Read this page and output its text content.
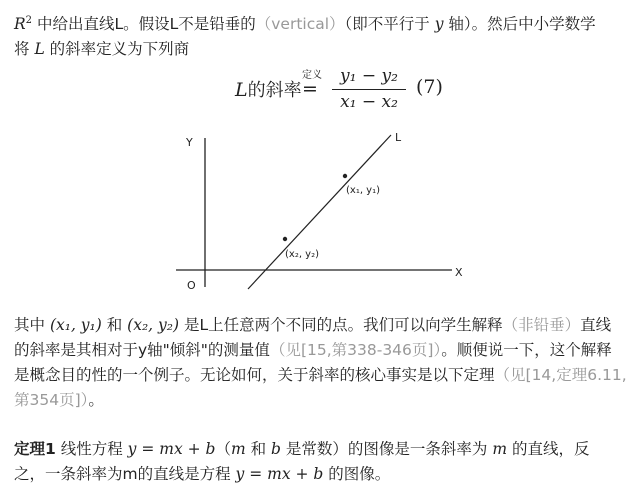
$R^2$ 中给出直线L。假设L不是铅垂的（vertical）（即不平行于 y 轴）。然后中小学数学
将 L 的斜率定义为下列商
L的斜率
定义
=
y₁ − y₂
x₁ − x₂
(7)
Y
X
O
L
(x₁, y₁)
(x₂, y₂)
其中 (x₁, y₁) 和 (x₂, y₂) 是L上任意两个不同的点。我们可以向学生解释（非铅垂）直线
的斜率是其相对于y轴"倾斜"的测量值（见[15,第338-346页]）。顺便说一下，这个解释
是概念目的性的一个例子。无论如何，关于斜率的核心事实是以下定理（见[14,定理6.11,
第354页]）。
定理1 线性方程 y = mx + b（m 和 b 是常数）的图像是一条斜率为 m 的直线，反
之，一条斜率为m的直线是方程 y = mx + b 的图像。
